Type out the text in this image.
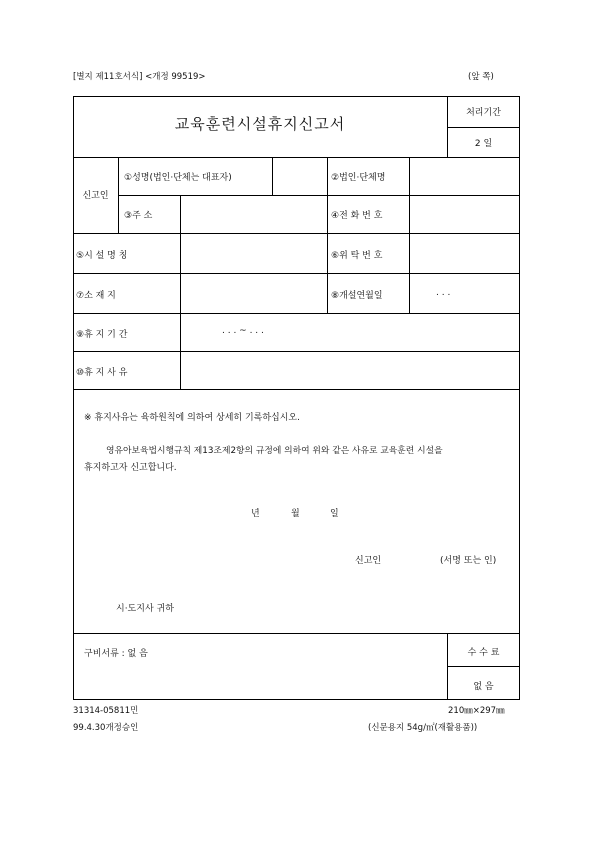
[별지 제11호서식] <개정 99519>	(앞 쪽)
교육훈련시설휴지신고서
처리기간
2 일
신고인
①성명(법인·단체는 대표자)	②법인·단체명
③주 소	④전 화 번 호
⑤시 설 명 칭	⑥위 탁 번 호
⑦소 재 지	⑧개설연월일	. . .
⑨휴 지 기 간	. . . ~ . . .
⑩휴 지 사 유
※ 휴지사유는 육하원칙에 의하여 상세히 기록하십시오.
영유아보육법시행규칙 제13조제2항의 규정에 의하여 위와 같은 사유로 교육훈련 시설을
휴지하고자 신고합니다.
년	월	일
신고인	(서명 또는 인)
시·도지사 귀하
구비서류 : 없 음	수 수 료
없 음
31314-05811민
99.4.30개정승인
210㎜×297㎜
(신문용지 54g/㎡(재활용품))
